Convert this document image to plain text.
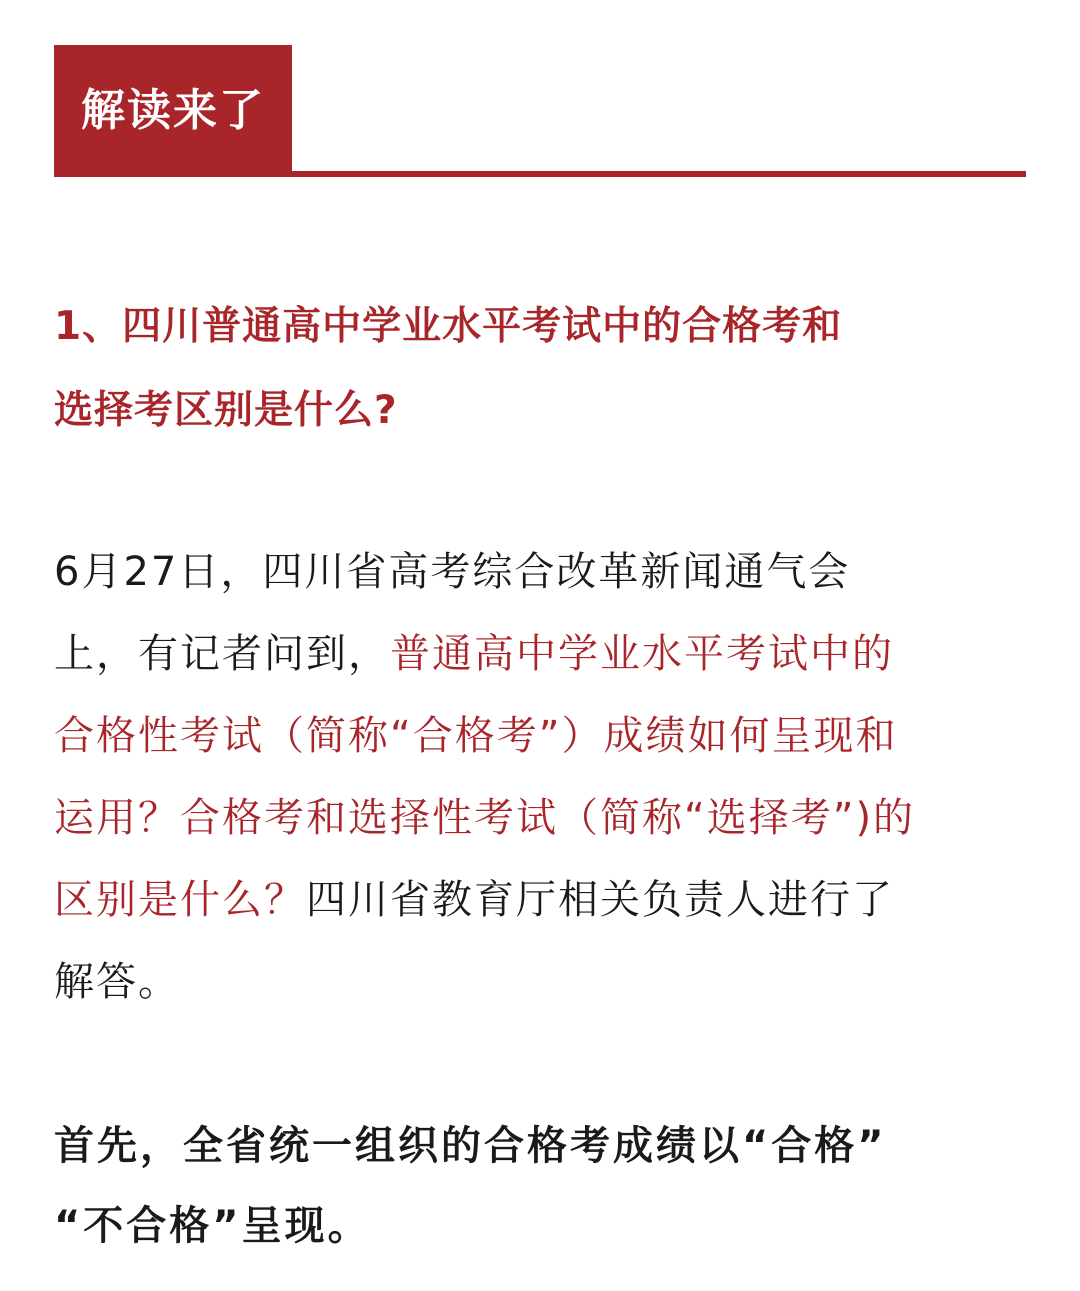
解读来了
1、四川普通高中学业水平考试中的合格考和
选择考区别是什么?

6月27日，四川省高考综合改革新闻通气会
上，有记者问到，普通高中学业水平考试中的
合格性考试（简称“合格考”）成绩如何呈现和
运用？合格考和选择性考试（简称“选择考”)的
区别是什么？四川省教育厅相关负责人进行了
解答。

首先，全省统一组织的合格考成绩以“合格”
“不合格”呈现。
